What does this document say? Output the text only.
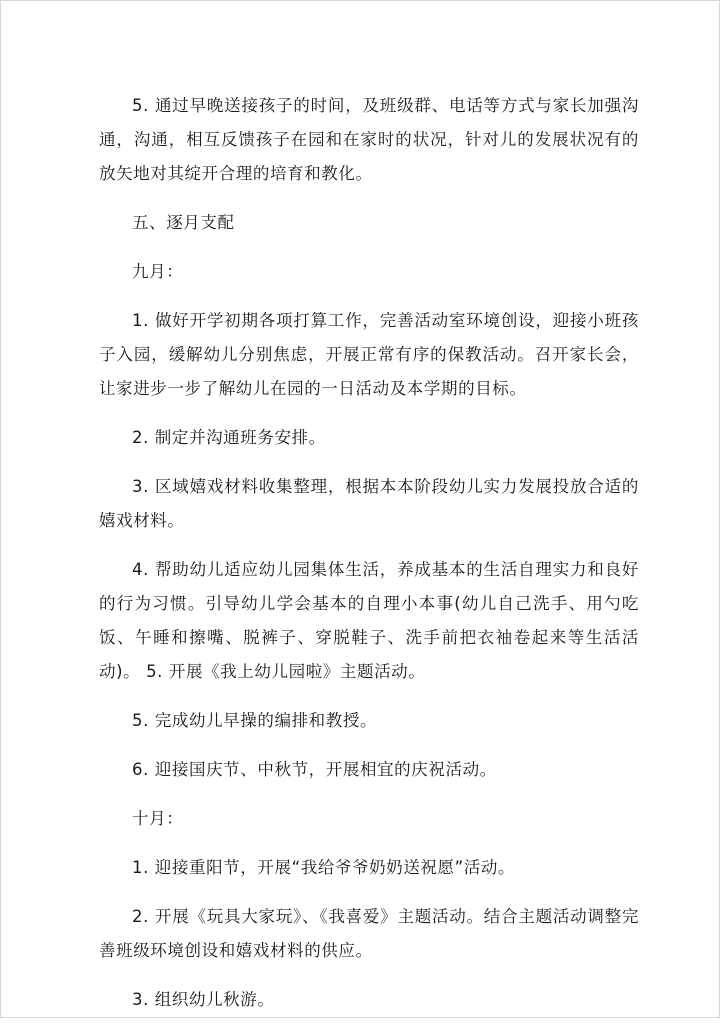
5. 通过早晚送接孩子的时间，及班级群、电话等方式与家长加强沟通，沟通，相互反馈孩子在园和在家时的状况，针对儿的发展状况有的放矢地对其绽开合理的培育和教化。

五、逐月支配

九月：

1. 做好开学初期各项打算工作，完善活动室环境创设，迎接小班孩子入园，缓解幼儿分别焦虑，开展正常有序的保教活动。召开家长会，让家进步一步了解幼儿在园的一日活动及本学期的目标。

2. 制定并沟通班务安排。

3. 区域嬉戏材料收集整理，根据本本阶段幼儿实力发展投放合适的嬉戏材料。

4. 帮助幼儿适应幼儿园集体生活，养成基本的生活自理实力和良好的行为习惯。引导幼儿学会基本的自理小本事(幼儿自己洗手、用勺吃饭、午睡和擦嘴、脱裤子、穿脱鞋子、洗手前把衣袖卷起来等生活活动)。 5. 开展《我上幼儿园啦》主题活动。

5. 完成幼儿早操的编排和教授。

6. 迎接国庆节、中秋节，开展相宜的庆祝活动。

十月：

1. 迎接重阳节，开展“我给爷爷奶奶送祝愿”活动。

2. 开展《玩具大家玩》、《我喜爱》主题活动。结合主题活动调整完善班级环境创设和嬉戏材料的供应。

3. 组织幼儿秋游。
